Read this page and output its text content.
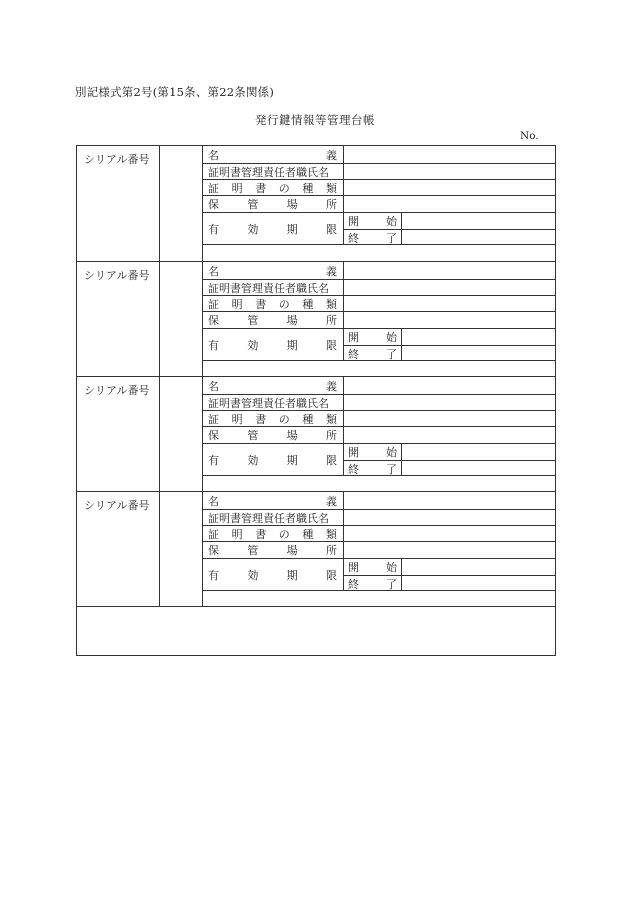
別記様式第2号(第15条、第22条関係)
発行鍵情報等管理台帳
No.
シリアル番号	名	義
証明書管理責任者職氏名
証 明 書 の 種 類
保	管	場	所
有	効	期	限
開 始
終 了
シリアル番号	名	義
証明書管理責任者職氏名
証 明 書 の 種 類
保	管	場	所
有	効	期	限
開 始
終 了
シリアル番号	名	義
証明書管理責任者職氏名
証 明 書 の 種 類
保	管	場	所
有	効	期	限
開 始
終 了
シリアル番号	名	義
証明書管理責任者職氏名
証 明 書 の 種 類
保	管	場	所
有	効	期	限
開 始
終 了
